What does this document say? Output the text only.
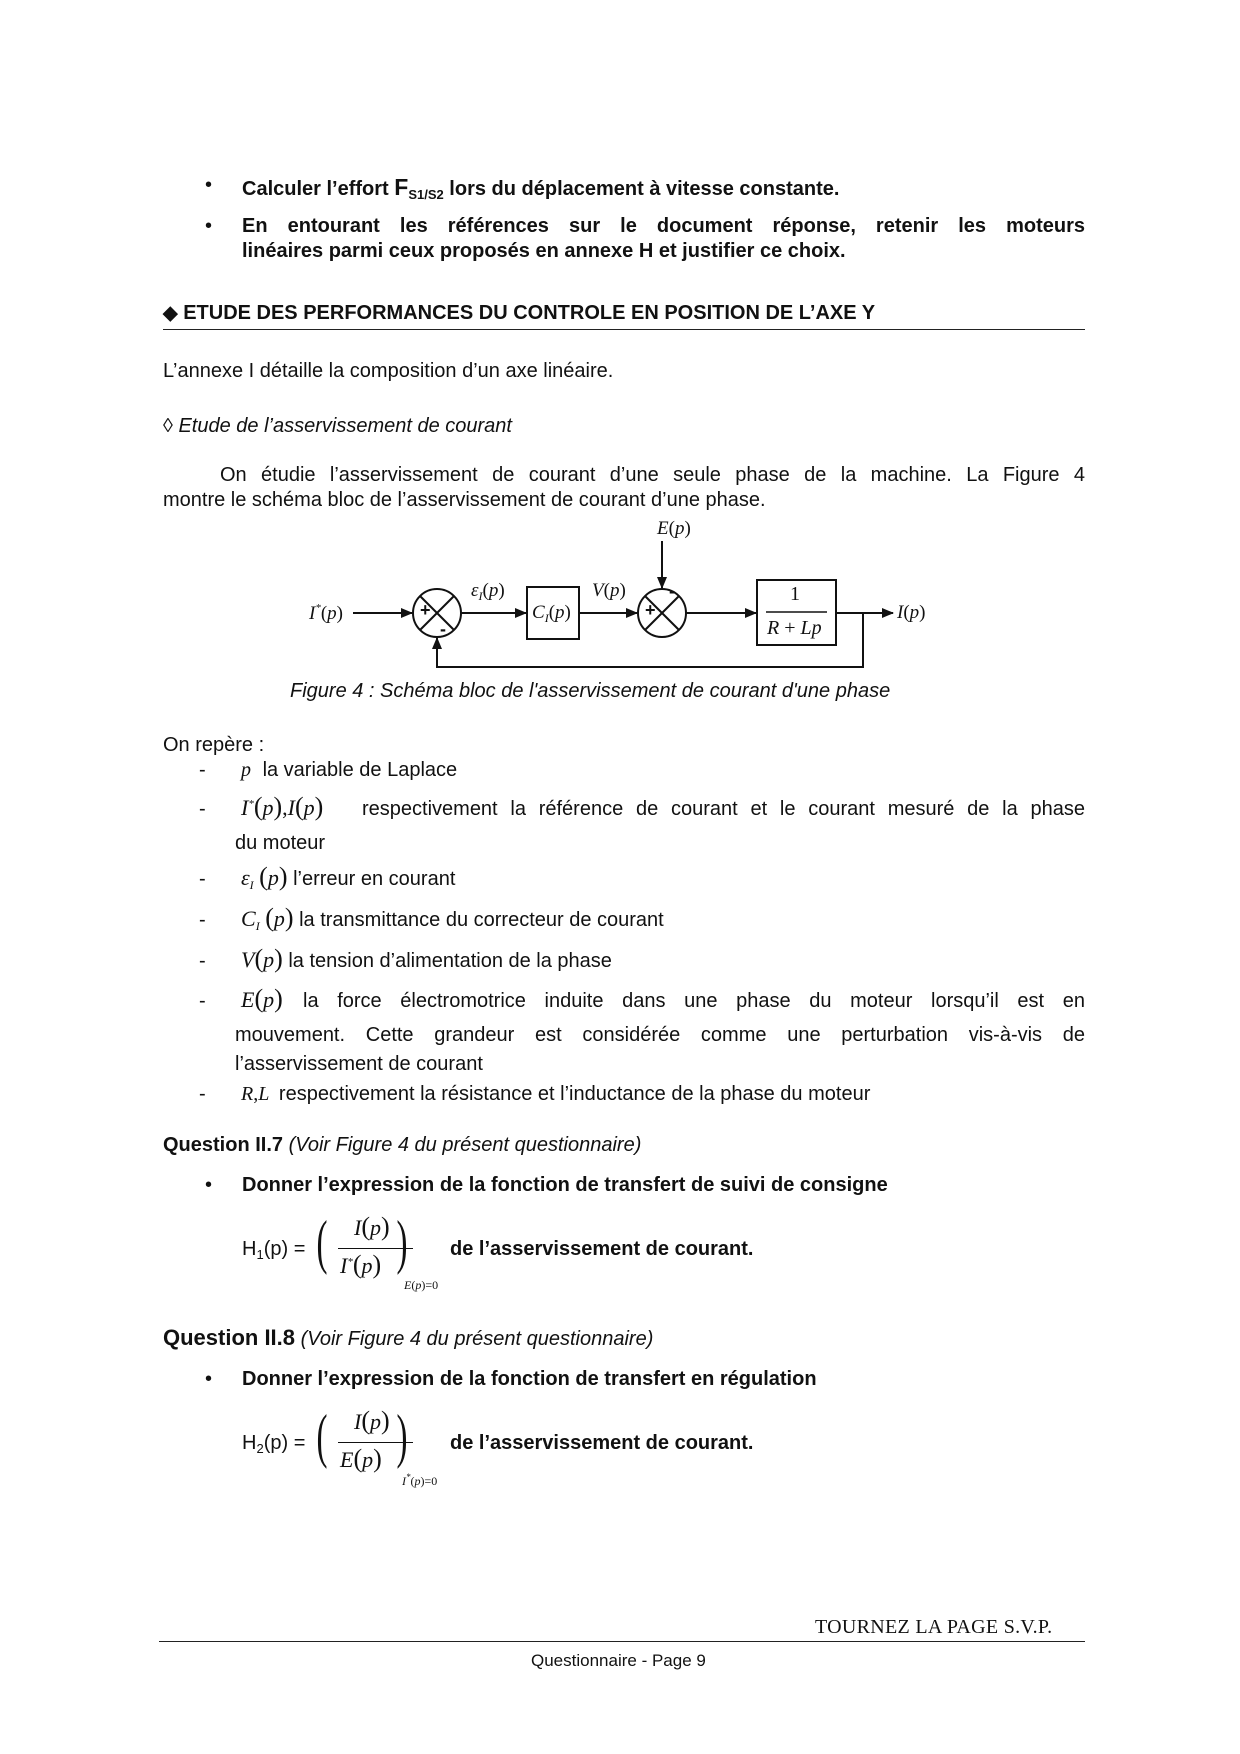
• Calculer l’effort $F_{S1/S2}$ lors du déplacement à vitesse constante.
• En entourant les références sur le document réponse, retenir les moteurs
linéaires parmi ceux proposés en annexe H et justifier ce choix.
◆ ETUDE DES PERFORMANCES DU CONTROLE EN POSITION DE L’AXE Y
L’annexe I détaille la composition d’un axe linéaire.
◊ Etude de l’asservissement de courant
On étudie l’asservissement de courant d’une seule phase de la machine. La Figure 4
montre le schéma bloc de l’asservissement de courant d’une phase.
I*(p)
E(p)
$\varepsilon_I(p)$
$C_I(p)$
V(p)	1
R + Lp
I(p)
+
-
+
-
Figure 4 : Schéma bloc de l'asservissement de courant d'une phase
On repère :
- p la variable de Laplace
- I*(p),I(p) respectivement la référence de courant et le courant mesuré de la phase
du moteur
- $\varepsilon_I$ (p) l’erreur en courant
- $C_I$ (p) la transmittance du correcteur de courant
- V(p) la tension d’alimentation de la phase
- E(p) la force électromotrice induite dans une phase du moteur lorsqu’il est en
mouvement. Cette grandeur est considérée comme une perturbation vis-à-vis de
l’asservissement de courant
- R,L respectivement la résistance et l’inductance de la phase du moteur
Question II.7 (Voir Figure 4 du présent questionnaire)
• Donner l’expression de la fonction de transfert de suivi de consigne
$H_1(p)$ = ( I(p)
I*(p) )
E(p)=0
de l’asservissement de courant.
Question II.8 (Voir Figure 4 du présent questionnaire)
• Donner l’expression de la fonction de transfert en régulation
$H_2(p)$ = ( I(p)
E(p) )
I*(p)=0
de l’asservissement de courant.
TOURNEZ LA PAGE S.V.P.
Questionnaire - Page 9
